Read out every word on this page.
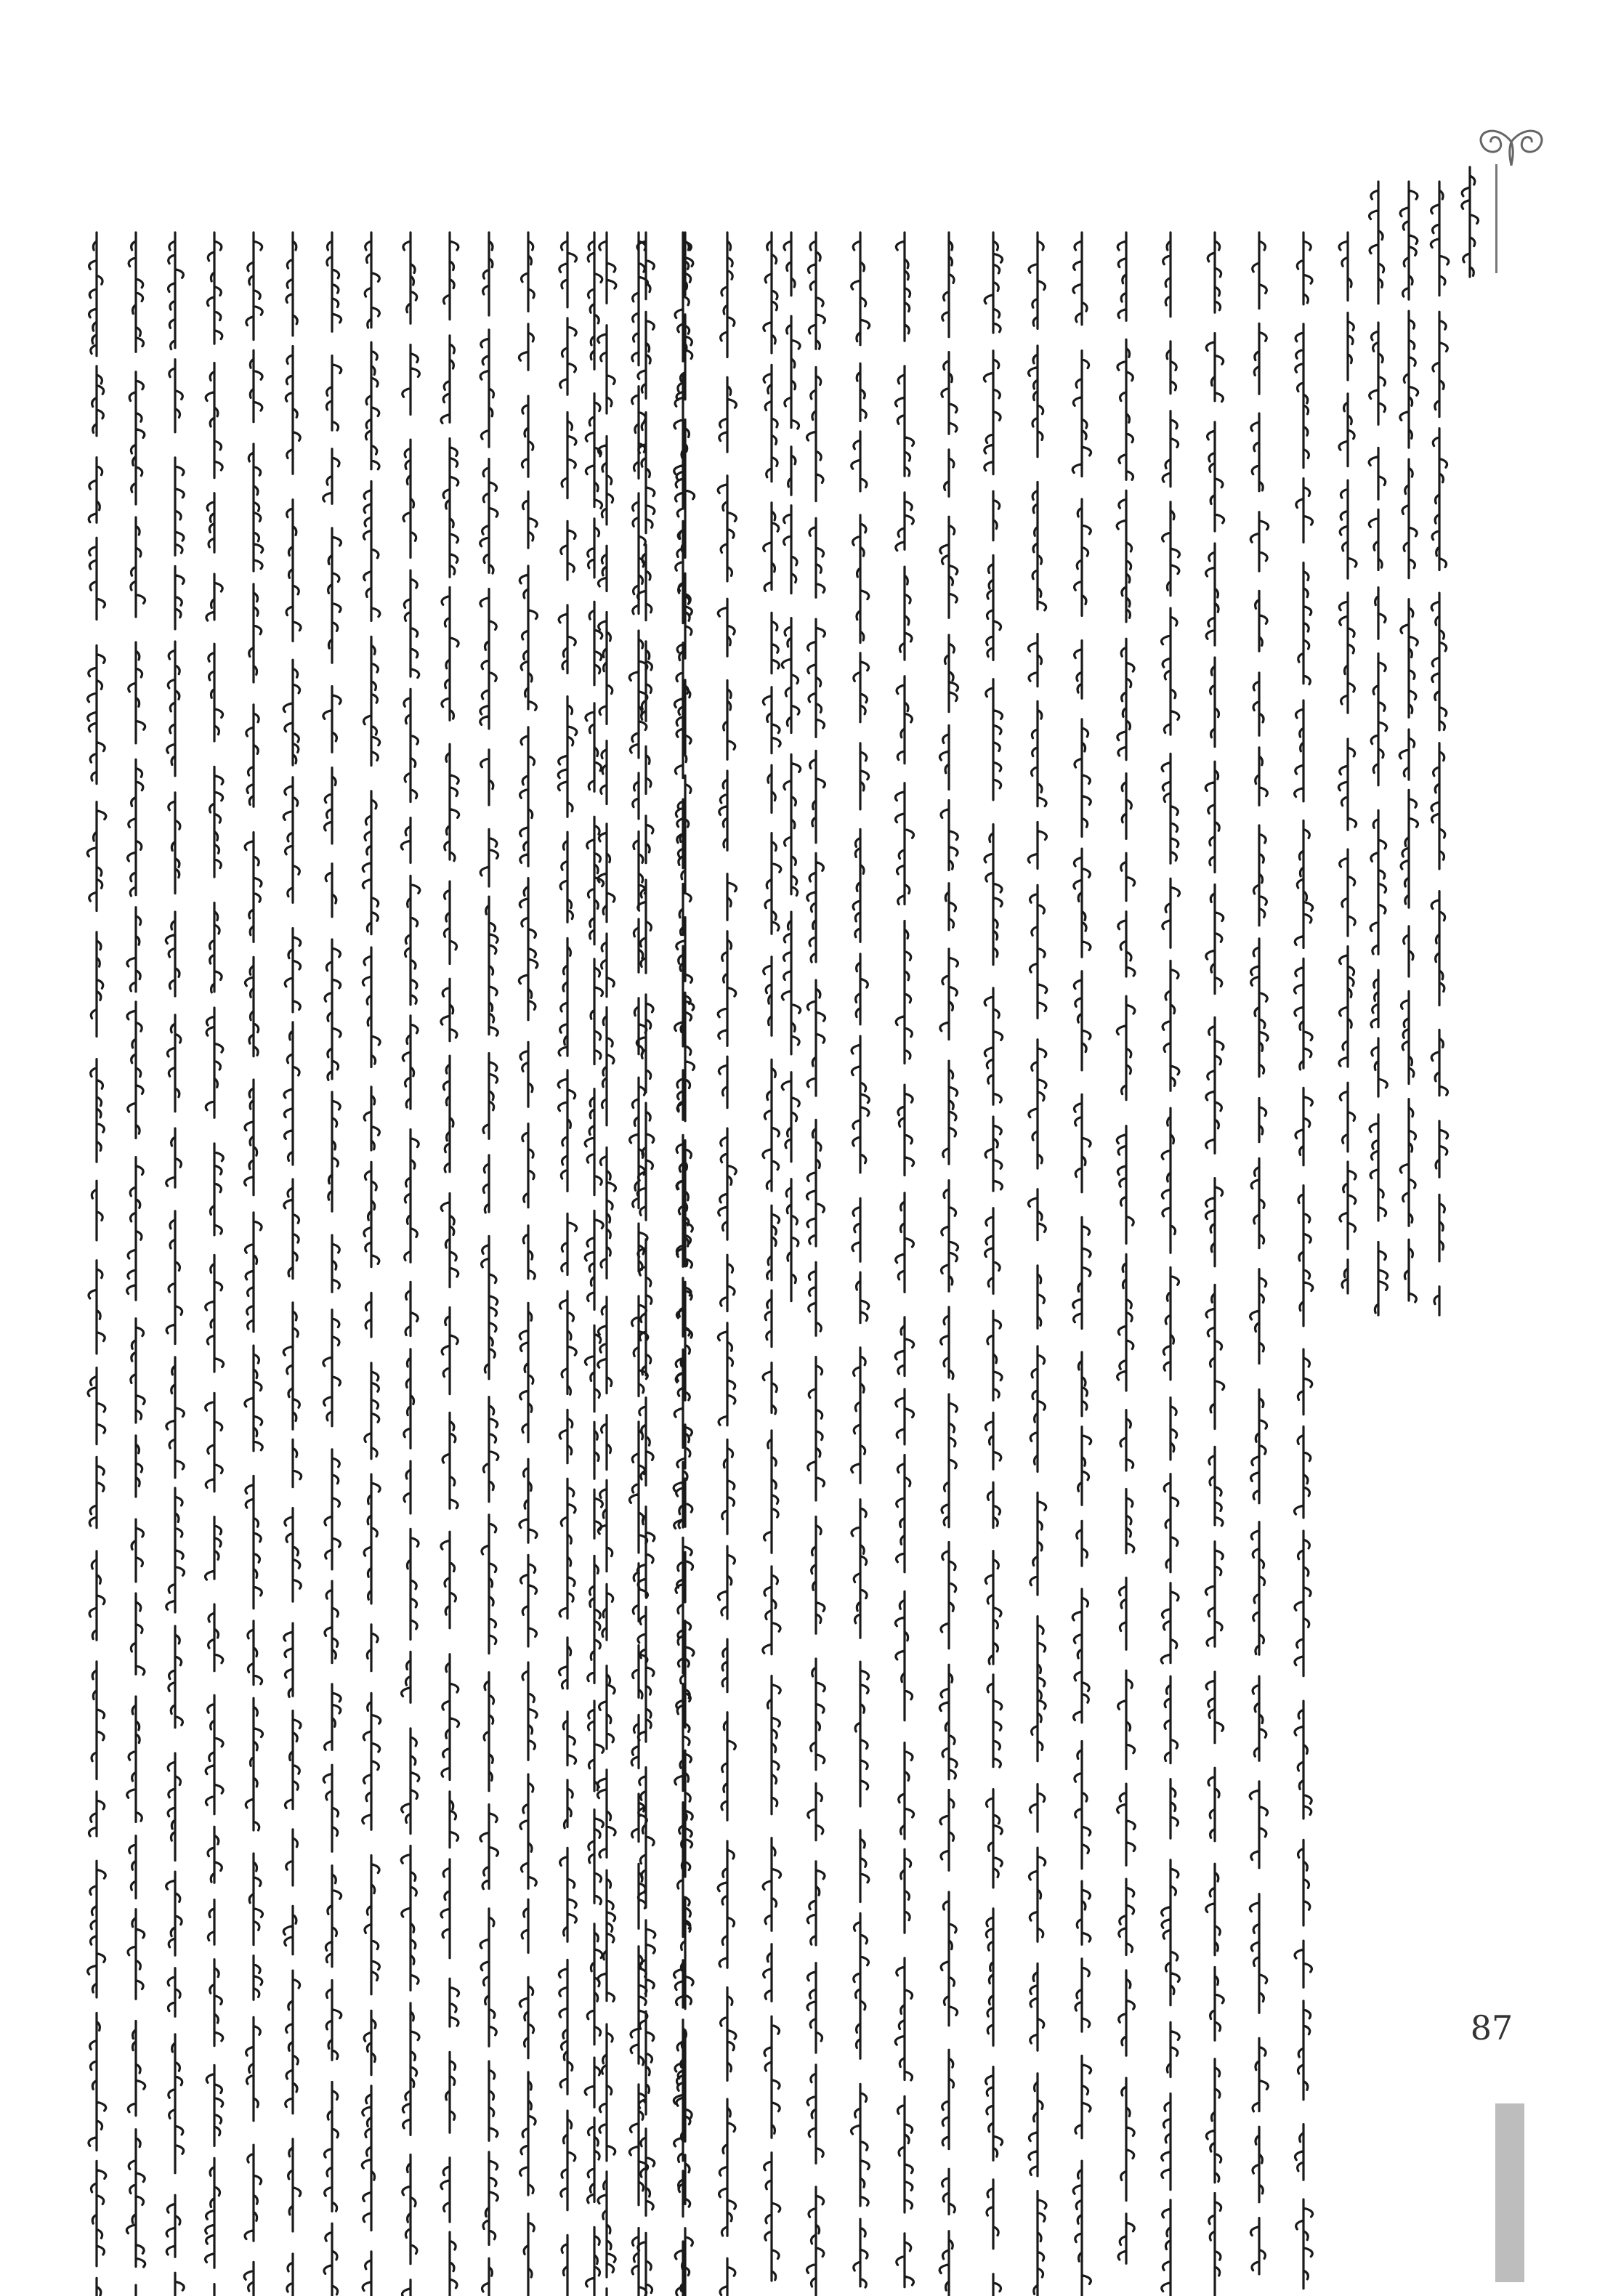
87
